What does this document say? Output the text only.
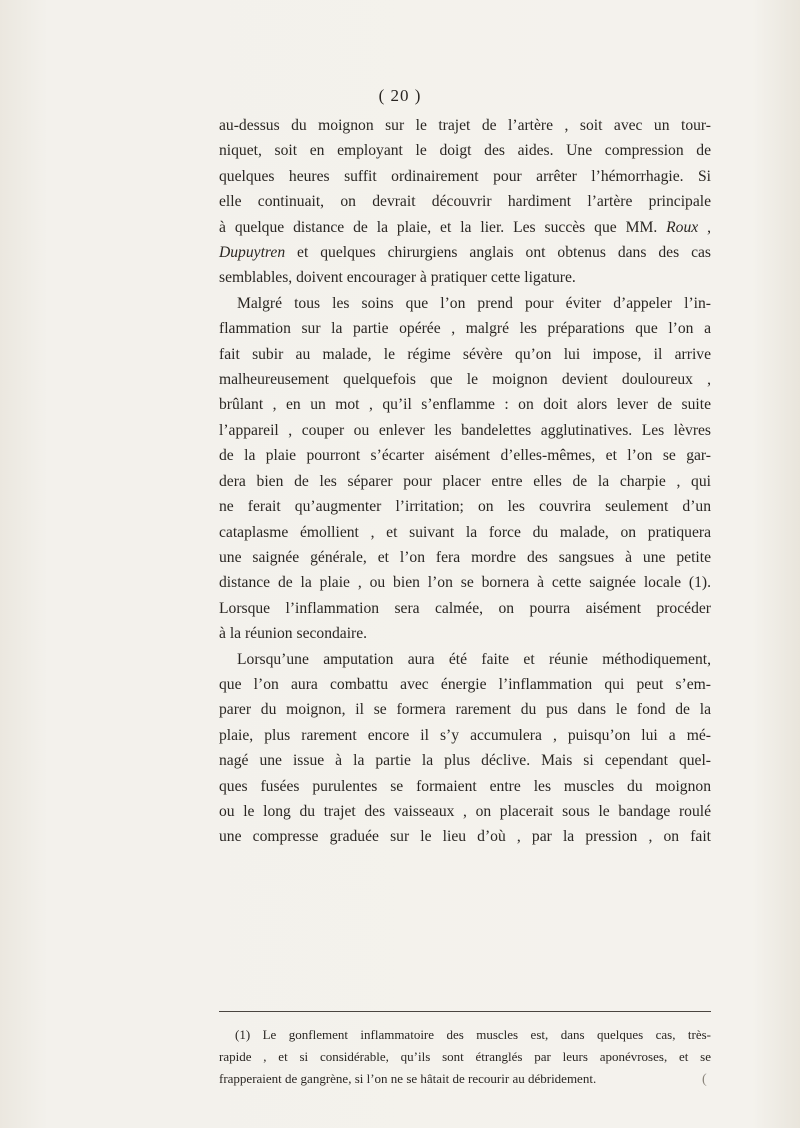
( 20 )
au-dessus du moignon sur le trajet de l’artère , soit avec un tour-
niquet, soit en employant le doigt des aides. Une compression de
quelques heures suffit ordinairement pour arrêter l’hémorrhagie. Si
elle continuait, on devrait découvrir hardiment l’artère principale
à quelque distance de la plaie, et la lier. Les succès que MM. Roux ,
Dupuytren et quelques chirurgiens anglais ont obtenus dans des cas
semblables, doivent encourager à pratiquer cette ligature.
Malgré tous les soins que l’on prend pour éviter d’appeler l’in-
flammation sur la partie opérée , malgré les préparations que l’on a
fait subir au malade, le régime sévère qu’on lui impose, il arrive
malheureusement quelquefois que le moignon devient douloureux ,
brûlant , en un mot , qu’il s’enflamme : on doit alors lever de suite
l’appareil , couper ou enlever les bandelettes agglutinatives. Les lèvres
de la plaie pourront s’écarter aisément d’elles-mêmes, et l’on se gar-
dera bien de les séparer pour placer entre elles de la charpie , qui
ne ferait qu’augmenter l’irritation; on les couvrira seulement d’un
cataplasme émollient , et suivant la force du malade, on pratiquera
une saignée générale, et l’on fera mordre des sangsues à une petite
distance de la plaie , ou bien l’on se bornera à cette saignée locale (1).
Lorsque l’inflammation sera calmée, on pourra aisément procéder
à la réunion secondaire.
Lorsqu’une amputation aura été faite et réunie méthodiquement,
que l’on aura combattu avec énergie l’inflammation qui peut s’em-
parer du moignon, il se formera rarement du pus dans le fond de la
plaie, plus rarement encore il s’y accumulera , puisqu’on lui a mé-
nagé une issue à la partie la plus déclive. Mais si cependant quel-
ques fusées purulentes se formaient entre les muscles du moignon
ou le long du trajet des vaisseaux , on placerait sous le bandage roulé
une compresse graduée sur le lieu d’où , par la pression , on fait
(1) Le gonflement inflammatoire des muscles est, dans quelques cas, très-
rapide , et si considérable, qu’ils sont étranglés par leurs aponévroses, et se
frapperaient de gangrène, si l’on ne se hâtait de recourir au débridement.	(
